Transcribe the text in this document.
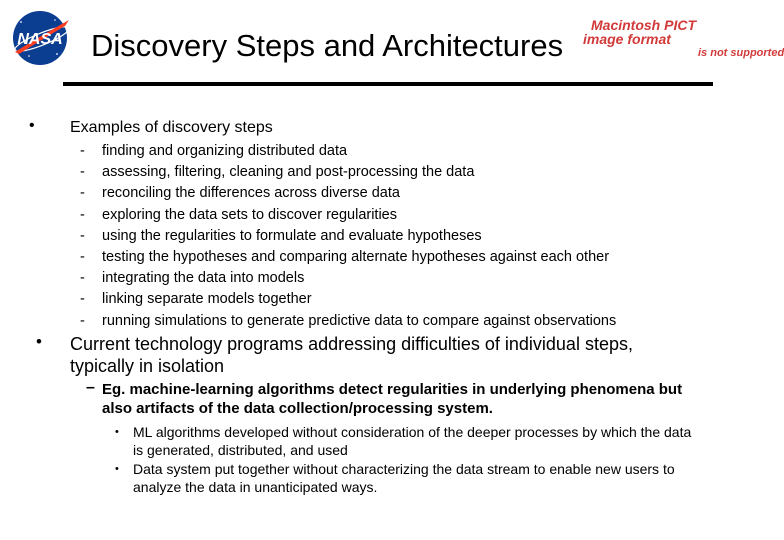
NASA Discovery Steps and Architectures
Macintosh PICT
image format
is not supported
• Examples of discovery steps
- finding and organizing distributed data
- assessing, filtering, cleaning and post-processing the data
- reconciling the differences across diverse data
- exploring the data sets to discover regularities
- using the regularities to formulate and evaluate hypotheses
- testing the hypotheses and comparing alternate hypotheses against each other
- integrating the data into models
- linking separate models together
- running simulations to generate predictive data to compare against observations
• Current technology programs addressing difficulties of individual steps, typically in isolation
– Eg. machine-learning algorithms detect regularities in underlying phenomena but also artifacts of the data collection/processing system.
• ML algorithms developed without consideration of the deeper processes by which the data is generated, distributed, and used
• Data system put together without characterizing the data stream to enable new users to analyze the data in unanticipated ways.
